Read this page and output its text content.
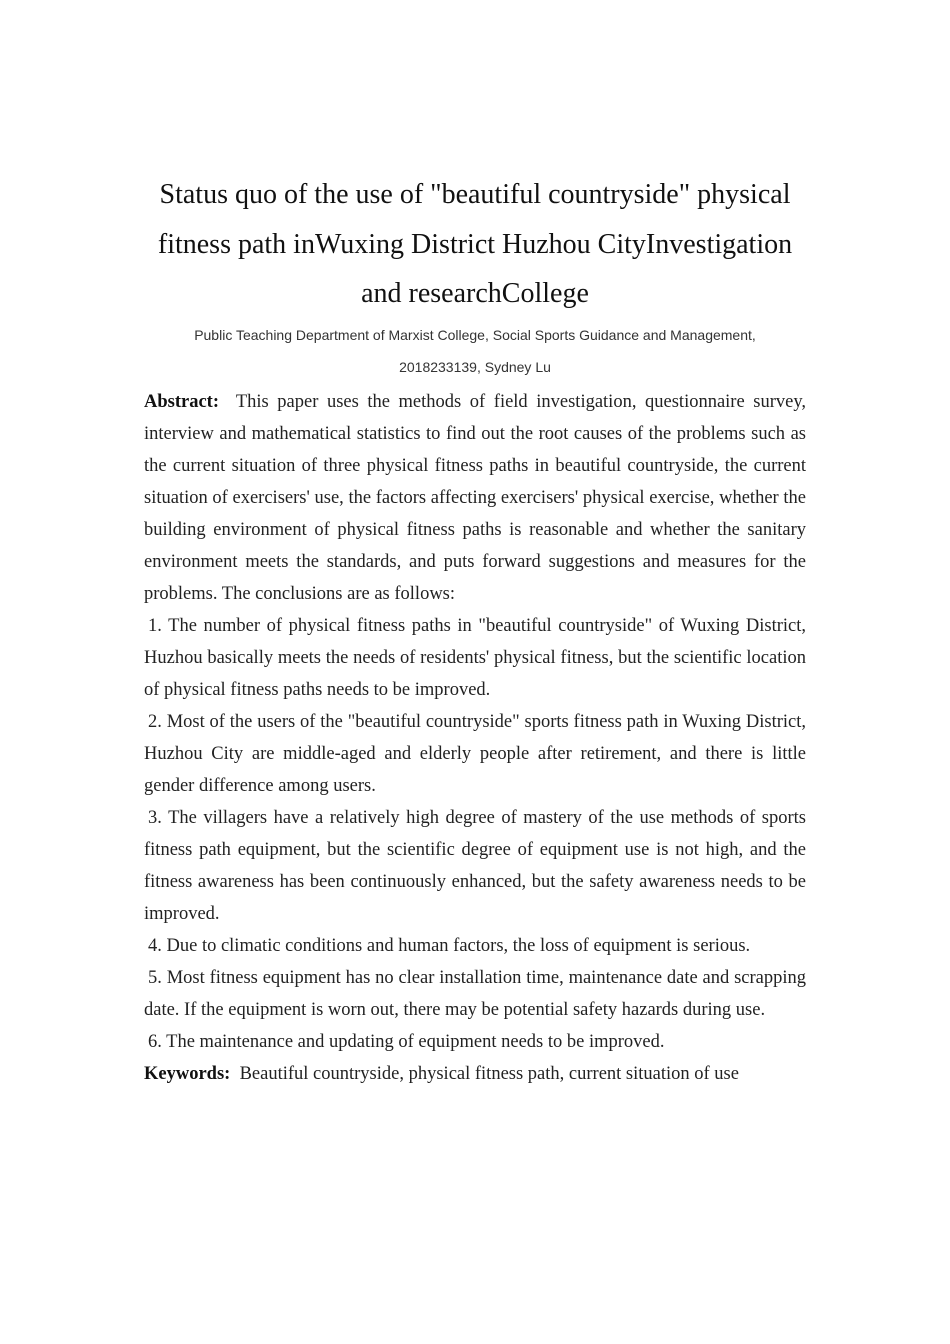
Status quo of the use of "beautiful countryside" physical fitness path inWuxing District Huzhou CityInvestigation and researchCollege

Public Teaching Department of Marxist College, Social Sports Guidance and Management,

2018233139, Sydney Lu

Abstract: This paper uses the methods of field investigation, questionnaire survey, interview and mathematical statistics to find out the root causes of the problems such as the current situation of three physical fitness paths in beautiful countryside, the current situation of exercisers' use, the factors affecting exercisers' physical exercise, whether the building environment of physical fitness paths is reasonable and whether the sanitary environment meets the standards, and puts forward suggestions and measures for the problems. The conclusions are as follows:

1. The number of physical fitness paths in "beautiful countryside" of Wuxing District, Huzhou basically meets the needs of residents' physical fitness, but the scientific location of physical fitness paths needs to be improved.

2. Most of the users of the "beautiful countryside" sports fitness path in Wuxing District, Huzhou City are middle-aged and elderly people after retirement, and there is little gender difference among users.

3. The villagers have a relatively high degree of mastery of the use methods of sports fitness path equipment, but the scientific degree of equipment use is not high, and the fitness awareness has been continuously enhanced, but the safety awareness needs to be improved.

4. Due to climatic conditions and human factors, the loss of equipment is serious.

5. Most fitness equipment has no clear installation time, maintenance date and scrapping date. If the equipment is worn out, there may be potential safety hazards during use.

6. The maintenance and updating of equipment needs to be improved.

Keywords: Beautiful countryside, physical fitness path, current situation of use
